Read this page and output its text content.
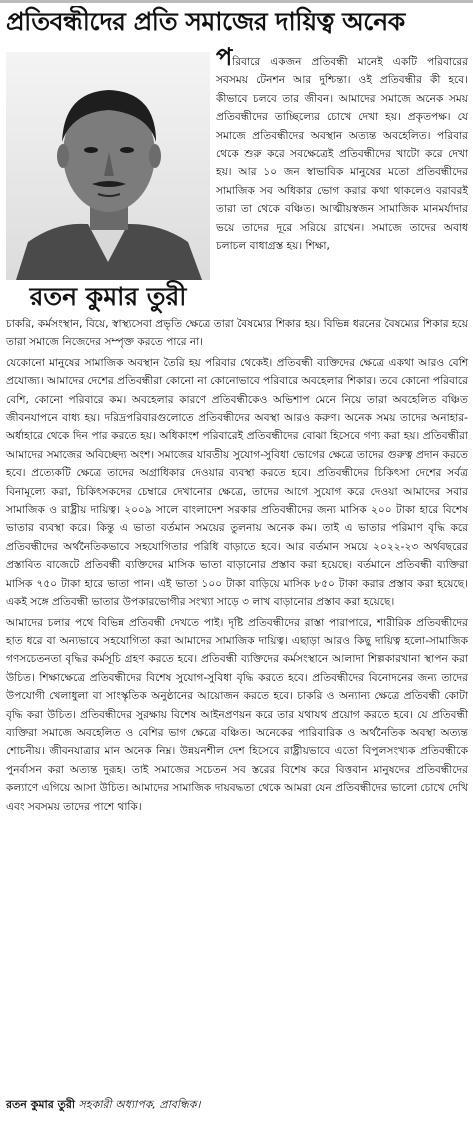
প্রতিবন্ধীদের প্রতি সমাজের দায়িত্ব অনেক
রতন কুমার তুরী
পরিবারে একজন প্রতিবন্ধী মানেই একটি পরিবারের সবসময় টেনশন আর দুশ্চিন্তা। ওই প্রতিবন্ধীর কী হবে। কীভাবে চলবে তার জীবন। আমাদের সমাজে অনেক সময় প্রতিবন্ধীদের তাচ্ছিল্যের চোখে দেখা হয়। প্রকৃতপক্ষ। যে সমাজে প্রতিবন্ধীদের অবস্থান অত্যন্ত অবহেলিত। পরিবার থেকে শুরু করে সবক্ষেত্রেই প্রতিবন্ধীদের খাটো করে দেখা হয়। আর ১০ জন স্বাভাবিক মানুষের মতো প্রতিবন্ধীদের সামাজিক সব অধিকার ভোগ করার কথা থাকলেও বরাবরই তারা তা থেকে বঞ্চিত। আত্মীয়স্বজন সামাজিক মানমর্যাদার ভয়ে তাদের দূরে সরিয়ে রাখেন। সমাজে তাদের অবাধ চলাচল বাধাগ্রস্ত হয়। শিক্ষা,

চাকরি, কর্মসংস্থান, বিয়ে, স্বাস্থ্যসেবা প্রভৃতি ক্ষেত্রে তারা বৈষম্যের শিকার হয়। বিভিন্ন ধরনের বৈষম্যের শিকার হয়ে তারা সমাজে নিজেদের সম্পৃক্ত করতে পারে না।

যেকোনো মানুষের সামাজিক অবস্থান তৈরি হয় পরিবার থেকেই। প্রতিবন্ধী ব্যক্তিদের ক্ষেত্রে একথা আরও বেশি প্রযোজ্য। আমাদের দেশের প্রতিবন্ধীরা কোনো না কোনোভাবে পরিবারে অবহেলার শিকার। তবে কোনো পরিবারে বেশি, কোনো পরিবারে কম। অবহেলার কারণে প্রতিবন্ধীকেও অভিশাপ মেনে নিয়ে তারা অবহেলিত বঞ্চিত জীবনযাপনে বাধ্য হয়। দরিদ্রপরিবারগুলোতে প্রতিবন্ধীদের অবস্থা আরও করুণ। অনেক সময় তাদের অনাহার-অর্ধাহারে থেকে দিন পার করতে হয়। অধিকাংশ পরিবারেই প্রতিবন্ধীদের বোঝা হিসেবে গণ্য করা হয়। প্রতিবন্ধীরা আমাদের সমাজের অবিচ্ছেদ্য অংশ। সমাজের যাবতীয় সুযোগ-সুবিধা ভোগের ক্ষেত্রে তাদের গুরুত্ব প্রদান করতে হবে। প্রত্যেকটি ক্ষেত্রে তাদের অগ্রাধিকার দেওয়ার ব্যবস্থা করতে হবে। প্রতিবন্ধীদের চিকিৎসা দেশের সর্বত্র বিনামূল্যে করা, চিকিৎসকদের চেম্বারে দেখানোর ক্ষেত্রে, তাদের আগে সুযোগ করে দেওয়া আমাদের সবার সামাজিক ও রাষ্ট্রীয় দায়িত্ব। ২০০৯ সালে বাংলাদেশ সরকার প্রতিবন্ধীদের জন্য মাসিক ২০০ টাকা হারে বিশেষ ভাতার ব্যবস্থা করে। কিন্তু এ ভাতা বর্তমান সময়ের তুলনায় অনেক কম। তাই এ ভাতার পরিমাণ বৃদ্ধি করে প্রতিবন্ধীদের অর্থনৈতিকভাবে সহযোগিতার পরিধি বাড়াতে হবে। আর বর্তমান সময়ে ২০২২-২৩ অর্থবছরের প্রস্তাবিত বাজেটে প্রতিবন্ধী ব্যক্তিদের মাসিক ভাতা বাড়ানোর প্রস্তাব করা হয়েছে। বর্তমানে প্রতিবন্ধী ব্যক্তিরা মাসিক ৭৫০ টাকা হারে ভাতা পান। এই ভাতা ১০০ টাকা বাড়িয়ে মাসিক ৮৫০ টাকা করার প্রস্তাব করা হয়েছে। একই সঙ্গে প্রতিবন্ধী ভাতার উপকারভোগীর সংখ্যা সাড়ে ৩ লাখ বাড়ানোর প্রস্তাব করা হয়েছে।

আমাদের চলার পথে বিভিন্ন প্রতিবন্ধী দেখতে পাই। দৃষ্টি প্রতিবন্ধীদের রাস্তা পারাপারে, শারীরিক প্রতিবন্ধীদের হাত ধরে বা অন্যভাবে সহযোগিতা করা আমাদের সামাজিক দায়িত্ব। এছাড়া আরও কিছু দায়িত্ব হলো-সামাজিক গণসচেতনতা বৃদ্ধির কর্মসূচি গ্রহণ করতে হবে। প্রতিবন্ধী ব্যক্তিদের কর্মসংস্থানে আলাদা শিল্পকারখানা স্থাপন করা উচিত। শিক্ষাক্ষেত্রে প্রতিবন্ধীদের বিশেষ সুযোগ-সুবিধা বৃদ্ধি করতে হবে। প্রতিবন্ধীদের বিনোদনের জন্য তাদের উপযোগী খেলাধুলা বা সাংস্কৃতিক অনুষ্ঠানের আয়োজন করতে হবে। চাকরি ও অন্যান্য ক্ষেত্রে প্রতিবন্ধী কোটা বৃদ্ধি করা উচিত। প্রতিবন্ধীদের সুরক্ষায় বিশেষ আইনপ্রণয়ন করে তার যথাযথ প্রয়োগ করতে হবে। যে প্রতিবন্ধী ব্যক্তিরা সমাজে অবহেলিত ও বেশির ভাগ ক্ষেত্রে বঞ্চিত। অনেকের পারিবারিক ও অর্থনৈতিক অবস্থা অত্যন্ত শোচনীয়। জীবনযাত্রার মান অনেক নিম্ন। উন্নয়নশীল দেশ হিসেবে রাষ্ট্রীয়ভাবে এতো বিপুলসংখ্যক প্রতিবন্ধীকে পুনর্বাসন করা অত্যন্ত দুরূহ। তাই সমাজের সচেতন সব স্তরের বিশেষ করে বিত্তবান মানুষদের প্রতিবন্ধীদের কল্যাণে এগিয়ে আসা উচিত। আমাদের সামাজিক দায়বদ্ধতা থেকে আমরা যেন প্রতিবন্ধীদের ভালো চোখে দেখি এবং সবসময় তাদের পাশে থাকি।

রতন কুমার তুরী সহকারী অধ্যাপক, প্রাবন্ধিক।
